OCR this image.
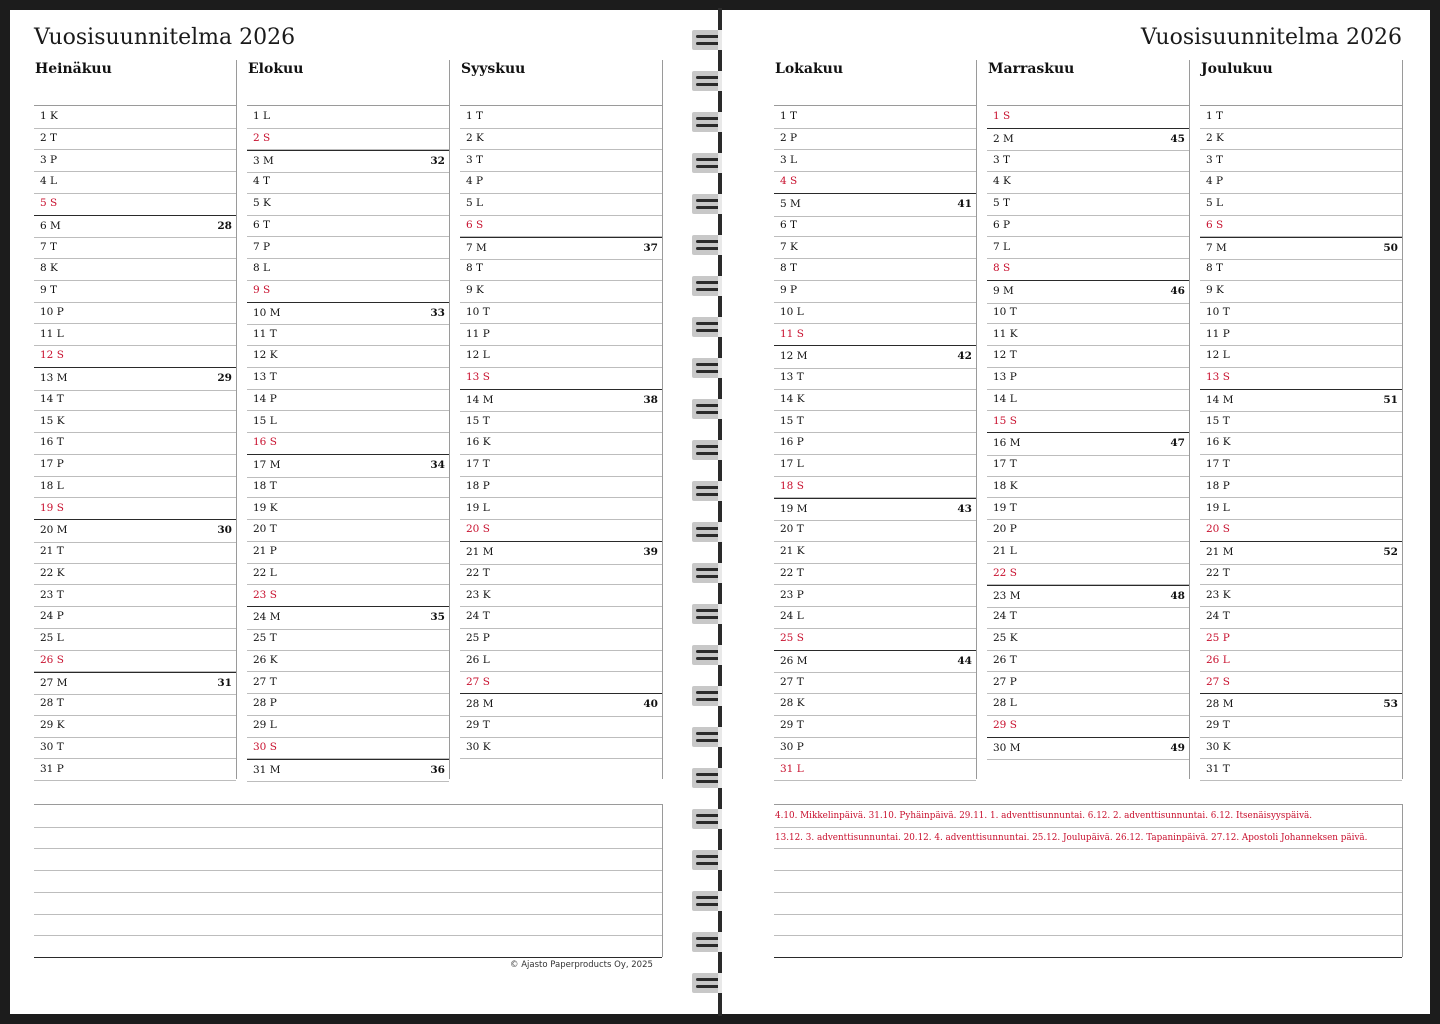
Vuosisuunnitelma 2026
Heinäkuu
1 K
2 T
3 P
4 L
5 S
6 M	28
7 T
8 K
9 T
10 P
11 L
12 S
13 M	29
14 T
15 K
16 T
17 P
18 L
19 S
20 M	30
21 T
22 K
23 T
24 P
25 L
26 S
27 M	31
28 T
29 K
30 T
31 P
Elokuu
1 L
2 S
3 M	32
4 T
5 K
6 T
7 P
8 L
9 S
10 M	33
11 T
12 K
13 T
14 P
15 L
16 S
17 M	34
18 T
19 K
20 T
21 P
22 L
23 S
24 M	35
25 T
26 K
27 T
28 P
29 L
30 S
31 M	36
Syyskuu
1 T
2 K
3 T
4 P
5 L
6 S
7 M	37
8 T
9 K
10 T
11 P
12 L
13 S
14 M	38
15 T
16 K
17 T
18 P
19 L
20 S
21 M	39
22 T
23 K
24 T
25 P
26 L
27 S
28 M	40
29 T
30 K
© Ajasto Paperproducts Oy, 2025
Vuosisuunnitelma 2026
Lokakuu
1 T
2 P
3 L
4 S
5 M	41
6 T
7 K
8 T
9 P
10 L
11 S
12 M	42
13 T
14 K
15 T
16 P
17 L
18 S
19 M	43
20 T
21 K
22 T
23 P
24 L
25 S
26 M	44
27 T
28 K
29 T
30 P
31 L
Marraskuu
1 S
2 M	45
3 T
4 K
5 T
6 P
7 L
8 S
9 M	46
10 T
11 K
12 T
13 P
14 L
15 S
16 M	47
17 T
18 K
19 T
20 P
21 L
22 S
23 M	48
24 T
25 K
26 T
27 P
28 L
29 S
30 M	49
Joulukuu
1 T
2 K
3 T
4 P
5 L
6 S
7 M	50
8 T
9 K
10 T
11 P
12 L
13 S
14 M	51
15 T
16 K
17 T
18 P
19 L
20 S
21 M	52
22 T
23 K
24 T
25 P
26 L
27 S
28 M	53
29 T
30 K
31 T
4.10. Mikkelinpäivä. 31.10. Pyhäinpäivä. 29.11. 1. adventtisunnuntai. 6.12. 2. adventtisunnuntai. 6.12. Itsenäisyyspäivä.
13.12. 3. adventtisunnuntai. 20.12. 4. adventtisunnuntai. 25.12. Joulupäivä. 26.12. Tapaninpäivä. 27.12. Apostoli Johanneksen päivä.
